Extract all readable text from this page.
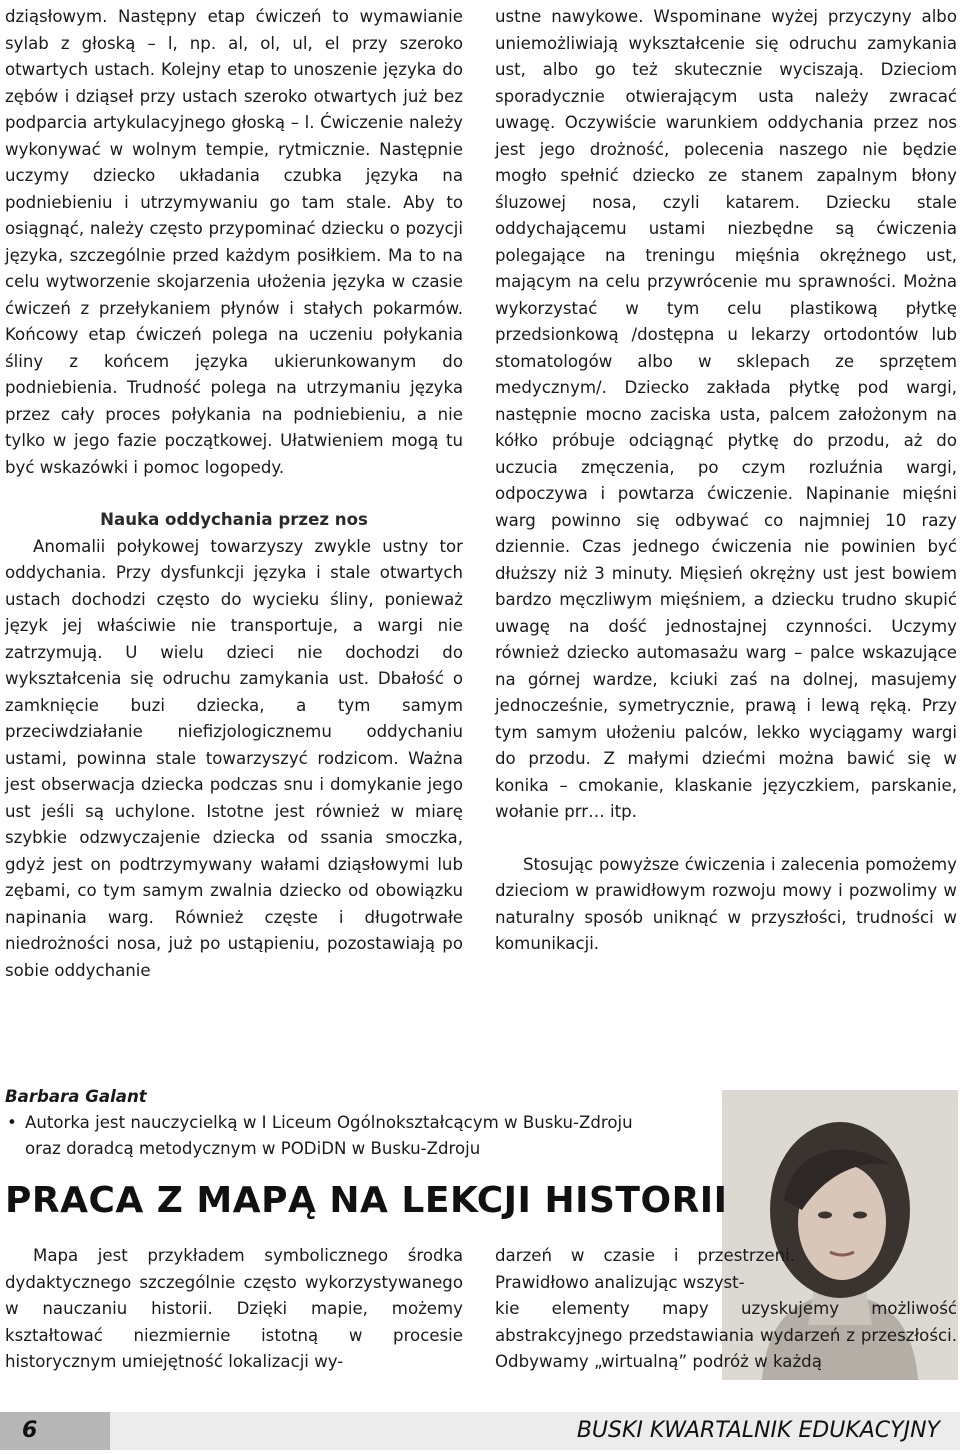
dziąsłowym. Następny etap ćwiczeń to wymawianie sylab z głoską – l, np. al, ol, ul, el przy szeroko otwartych ustach. Kolejny etap to unoszenie języka do zębów i dziąseł przy ustach szeroko otwartych już bez podparcia artykulacyjnego głoską – l. Ćwiczenie należy wykonywać w wolnym tempie, rytmicznie. Następnie uczymy dziecko układania czubka języka na podniebieniu i utrzymywaniu go tam stale. Aby to osiągnąć, należy często przypominać dziecku o pozycji języka, szczególnie przed każdym posiłkiem. Ma to na celu wytworzenie skojarzenia ułożenia języka w czasie ćwiczeń z przełykaniem płynów i stałych pokarmów. Końcowy etap ćwiczeń polega na uczeniu połykania śliny z końcem języka ukierunkowanym do podniebienia. Trudność polega na utrzymaniu języka przez cały proces połykania na podniebieniu, a nie tylko w jego fazie początkowej. Ułatwieniem mogą tu być wskazówki i pomoc logopedy.

Nauka oddychania przez nos

Anomalii połykowej towarzyszy zwykle ustny tor oddychania. Przy dysfunkcji języka i stale otwartych ustach dochodzi często do wycieku śliny, ponieważ język jej właściwie nie transportuje, a wargi nie zatrzymują. U wielu dzieci nie dochodzi do wykształcenia się odruchu zamykania ust. Dbałość o zamknięcie buzi dziecka, a tym samym przeciwdziałanie niefizjologicznemu oddychaniu ustami, powinna stale towarzyszyć rodzicom. Ważna jest obserwacja dziecka podczas snu i domykanie jego ust jeśli są uchylone. Istotne jest również w miarę szybkie odzwyczajenie dziecka od ssania smoczka, gdyż jest on podtrzymywany wałami dziąsłowymi lub zębami, co tym samym zwalnia dziecko od obowiązku napinania warg. Również częste i długotrwałe niedrożności nosa, już po ustąpieniu, pozostawiają po sobie oddychanie

ustne nawykowe. Wspominane wyżej przyczyny albo uniemożliwiają wykształcenie się odruchu zamykania ust, albo go też skutecznie wyciszają. Dzieciom sporadycznie otwierającym usta należy zwracać uwagę. Oczywiście warunkiem oddychania przez nos jest jego drożność, polecenia naszego nie będzie mogło spełnić dziecko ze stanem zapalnym błony śluzowej nosa, czyli katarem. Dziecku stale oddychającemu ustami niezbędne są ćwiczenia polegające na treningu mięśnia okrężnego ust, mającym na celu przywrócenie mu sprawności. Można wykorzystać w tym celu plastikową płytkę przedsionkową /dostępna u lekarzy ortodontów lub stomatologów albo w sklepach ze sprzętem medycznym/. Dziecko zakłada płytkę pod wargi, następnie mocno zaciska usta, palcem założonym na kółko próbuje odciągnąć płytkę do przodu, aż do uczucia zmęczenia, po czym rozluźnia wargi, odpoczywa i powtarza ćwiczenie. Napinanie mięśni warg powinno się odbywać co najmniej 10 razy dziennie. Czas jednego ćwiczenia nie powinien być dłuższy niż 3 minuty. Mięsień okrężny ust jest bowiem bardzo męczliwym mięśniem, a dziecku trudno skupić uwagę na dość jednostajnej czynności. Uczymy również dziecko automasażu warg – palce wskazujące na górnej wardze, kciuki zaś na dolnej, masujemy jednocześnie, symetrycznie, prawą i lewą ręką. Przy tym samym ułożeniu palców, lekko wyciągamy wargi do przodu. Z małymi dziećmi można bawić się w konika – cmokanie, klaskanie języczkiem, parskanie, wołanie prr… itp.

Stosując powyższe ćwiczenia i zalecenia pomożemy dzieciom w prawidłowym rozwoju mowy i pozwolimy w naturalny sposób uniknąć w przyszłości, trudności w komunikacji.

Barbara Galant
• Autorka jest nauczycielką w I Liceum Ogólnokształcącym w Busku-Zdroju
oraz doradcą metodycznym w PODiDN w Busku-Zdroju
PRACA Z MAPĄ NA LEKCJI HISTORII

Mapa jest przykładem symbolicznego środka dydaktycznego szczególnie często wykorzystywanego w nauczaniu historii. Dzięki mapie, możemy kształtować niezmiernie istotną w procesie historycznym umiejętność lokalizacji wy-

darzeń w czasie i przestrzeni. Prawidłowo analizując wszyst-

kie elementy mapy uzyskujemy możliwość abstrakcyjnego przedstawiania wydarzeń z przeszłości. Odbywamy „wirtualną” podróż w każdą

6	BUSKI KWARTALNIK EDUKACYJNY
